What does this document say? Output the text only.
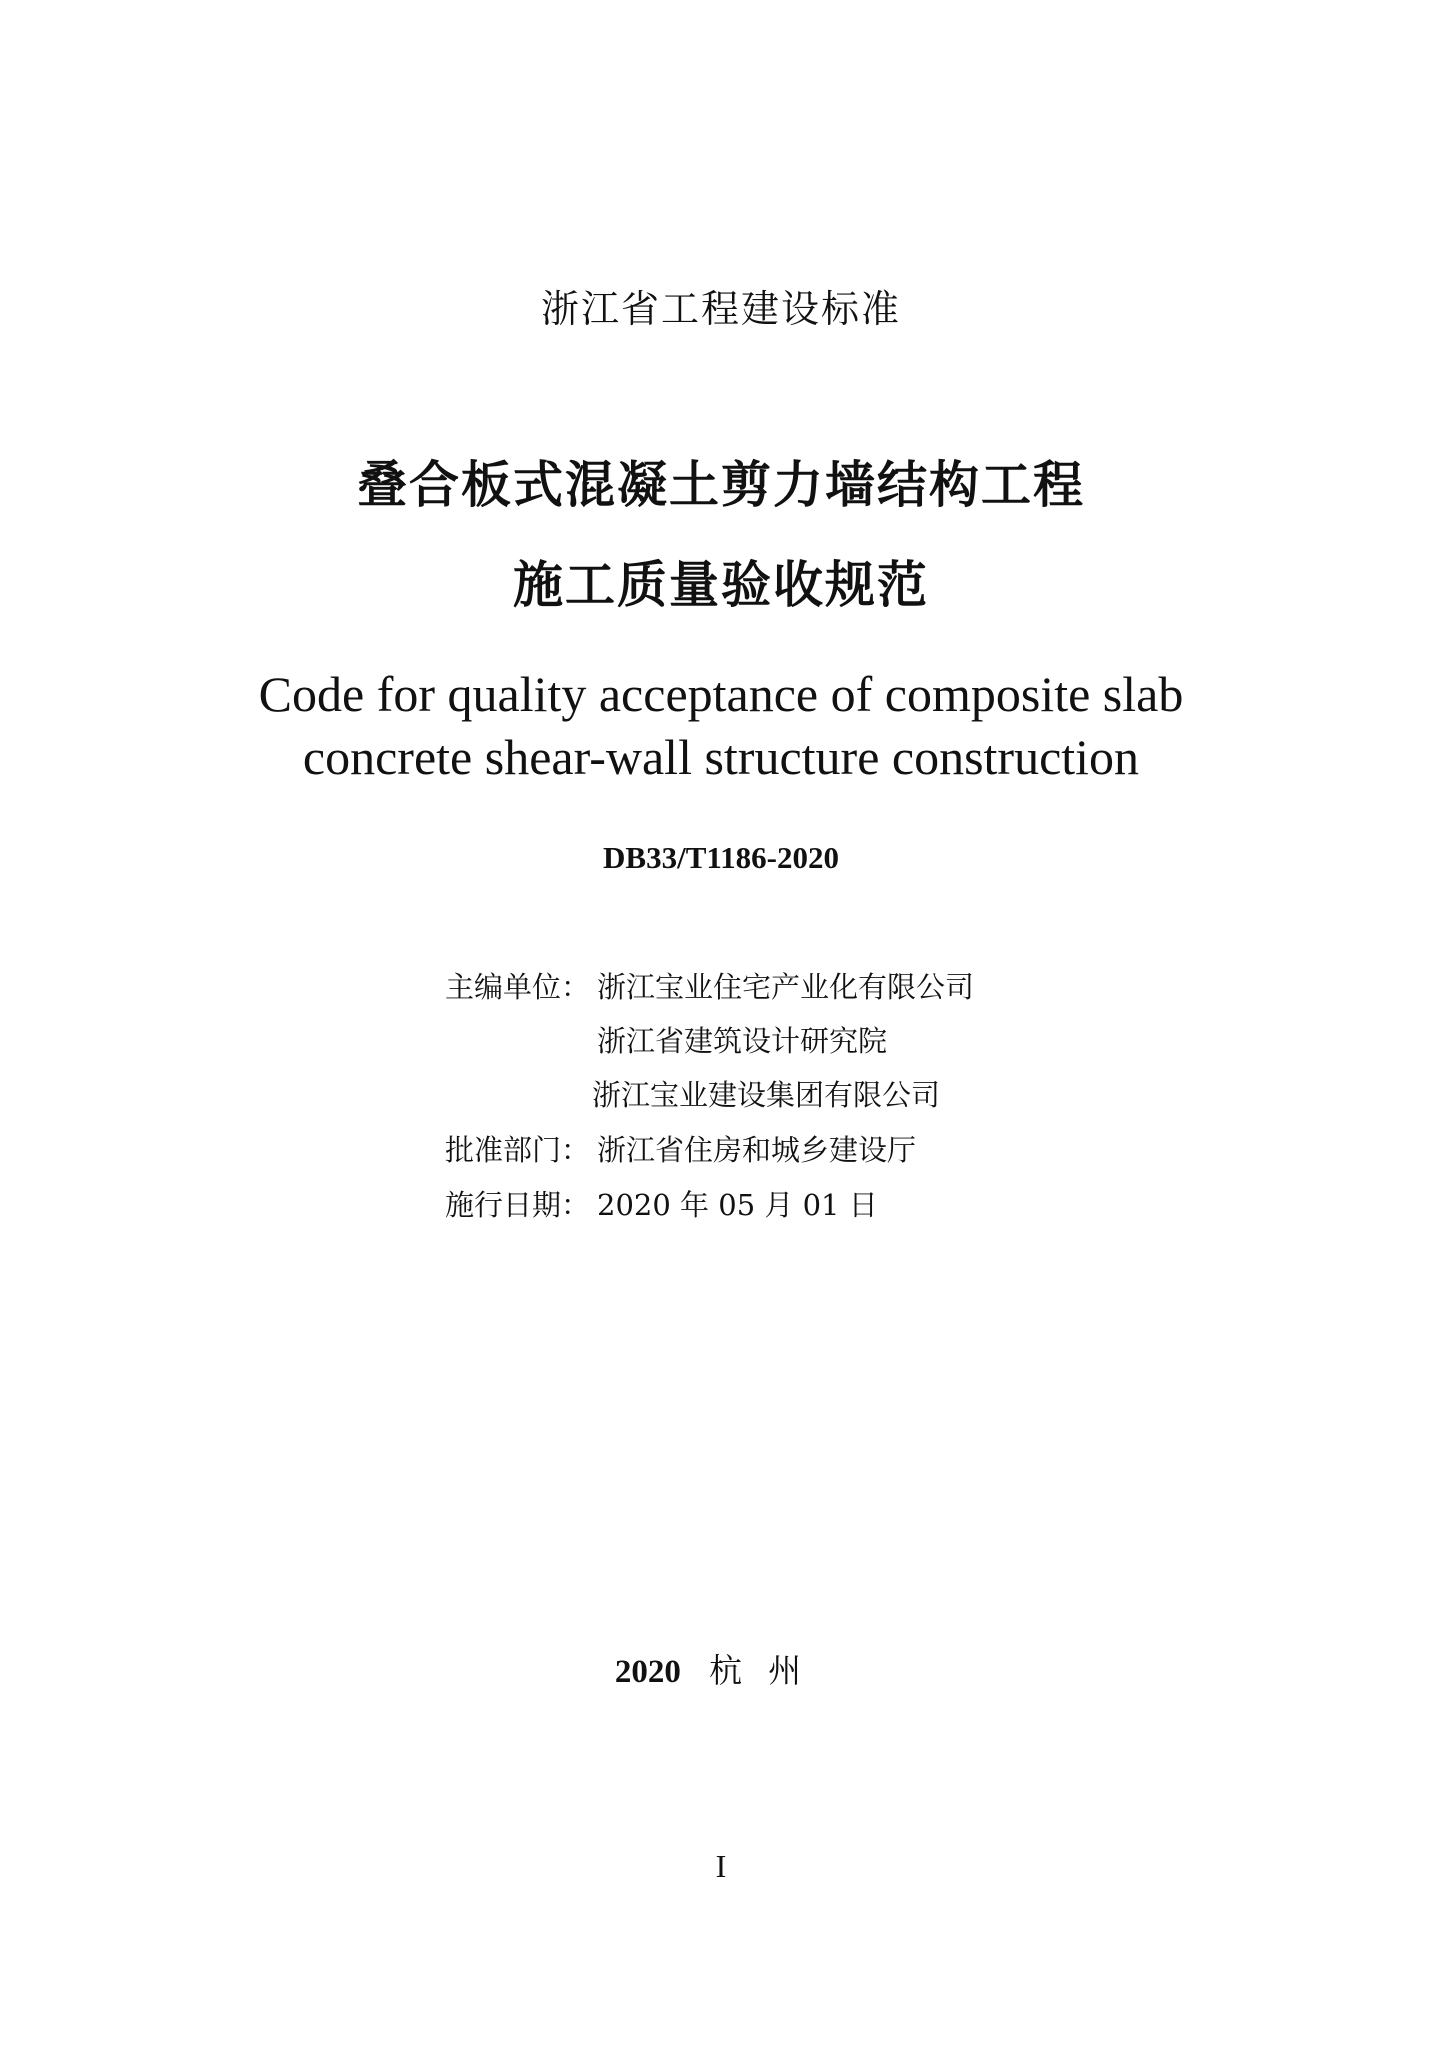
浙江省工程建设标准
叠合板式混凝土剪力墙结构工程
施工质量验收规范
Code for quality acceptance of composite slab
concrete shear-wall structure construction
DB33/T1186-2020
主编单位： 浙江宝业住宅产业化有限公司
浙江省建筑设计研究院
浙江宝业建设集团有限公司
批准部门： 浙江省住房和城乡建设厅
施行日期： 2020 年 05 月 01 日
2020 杭州
I
